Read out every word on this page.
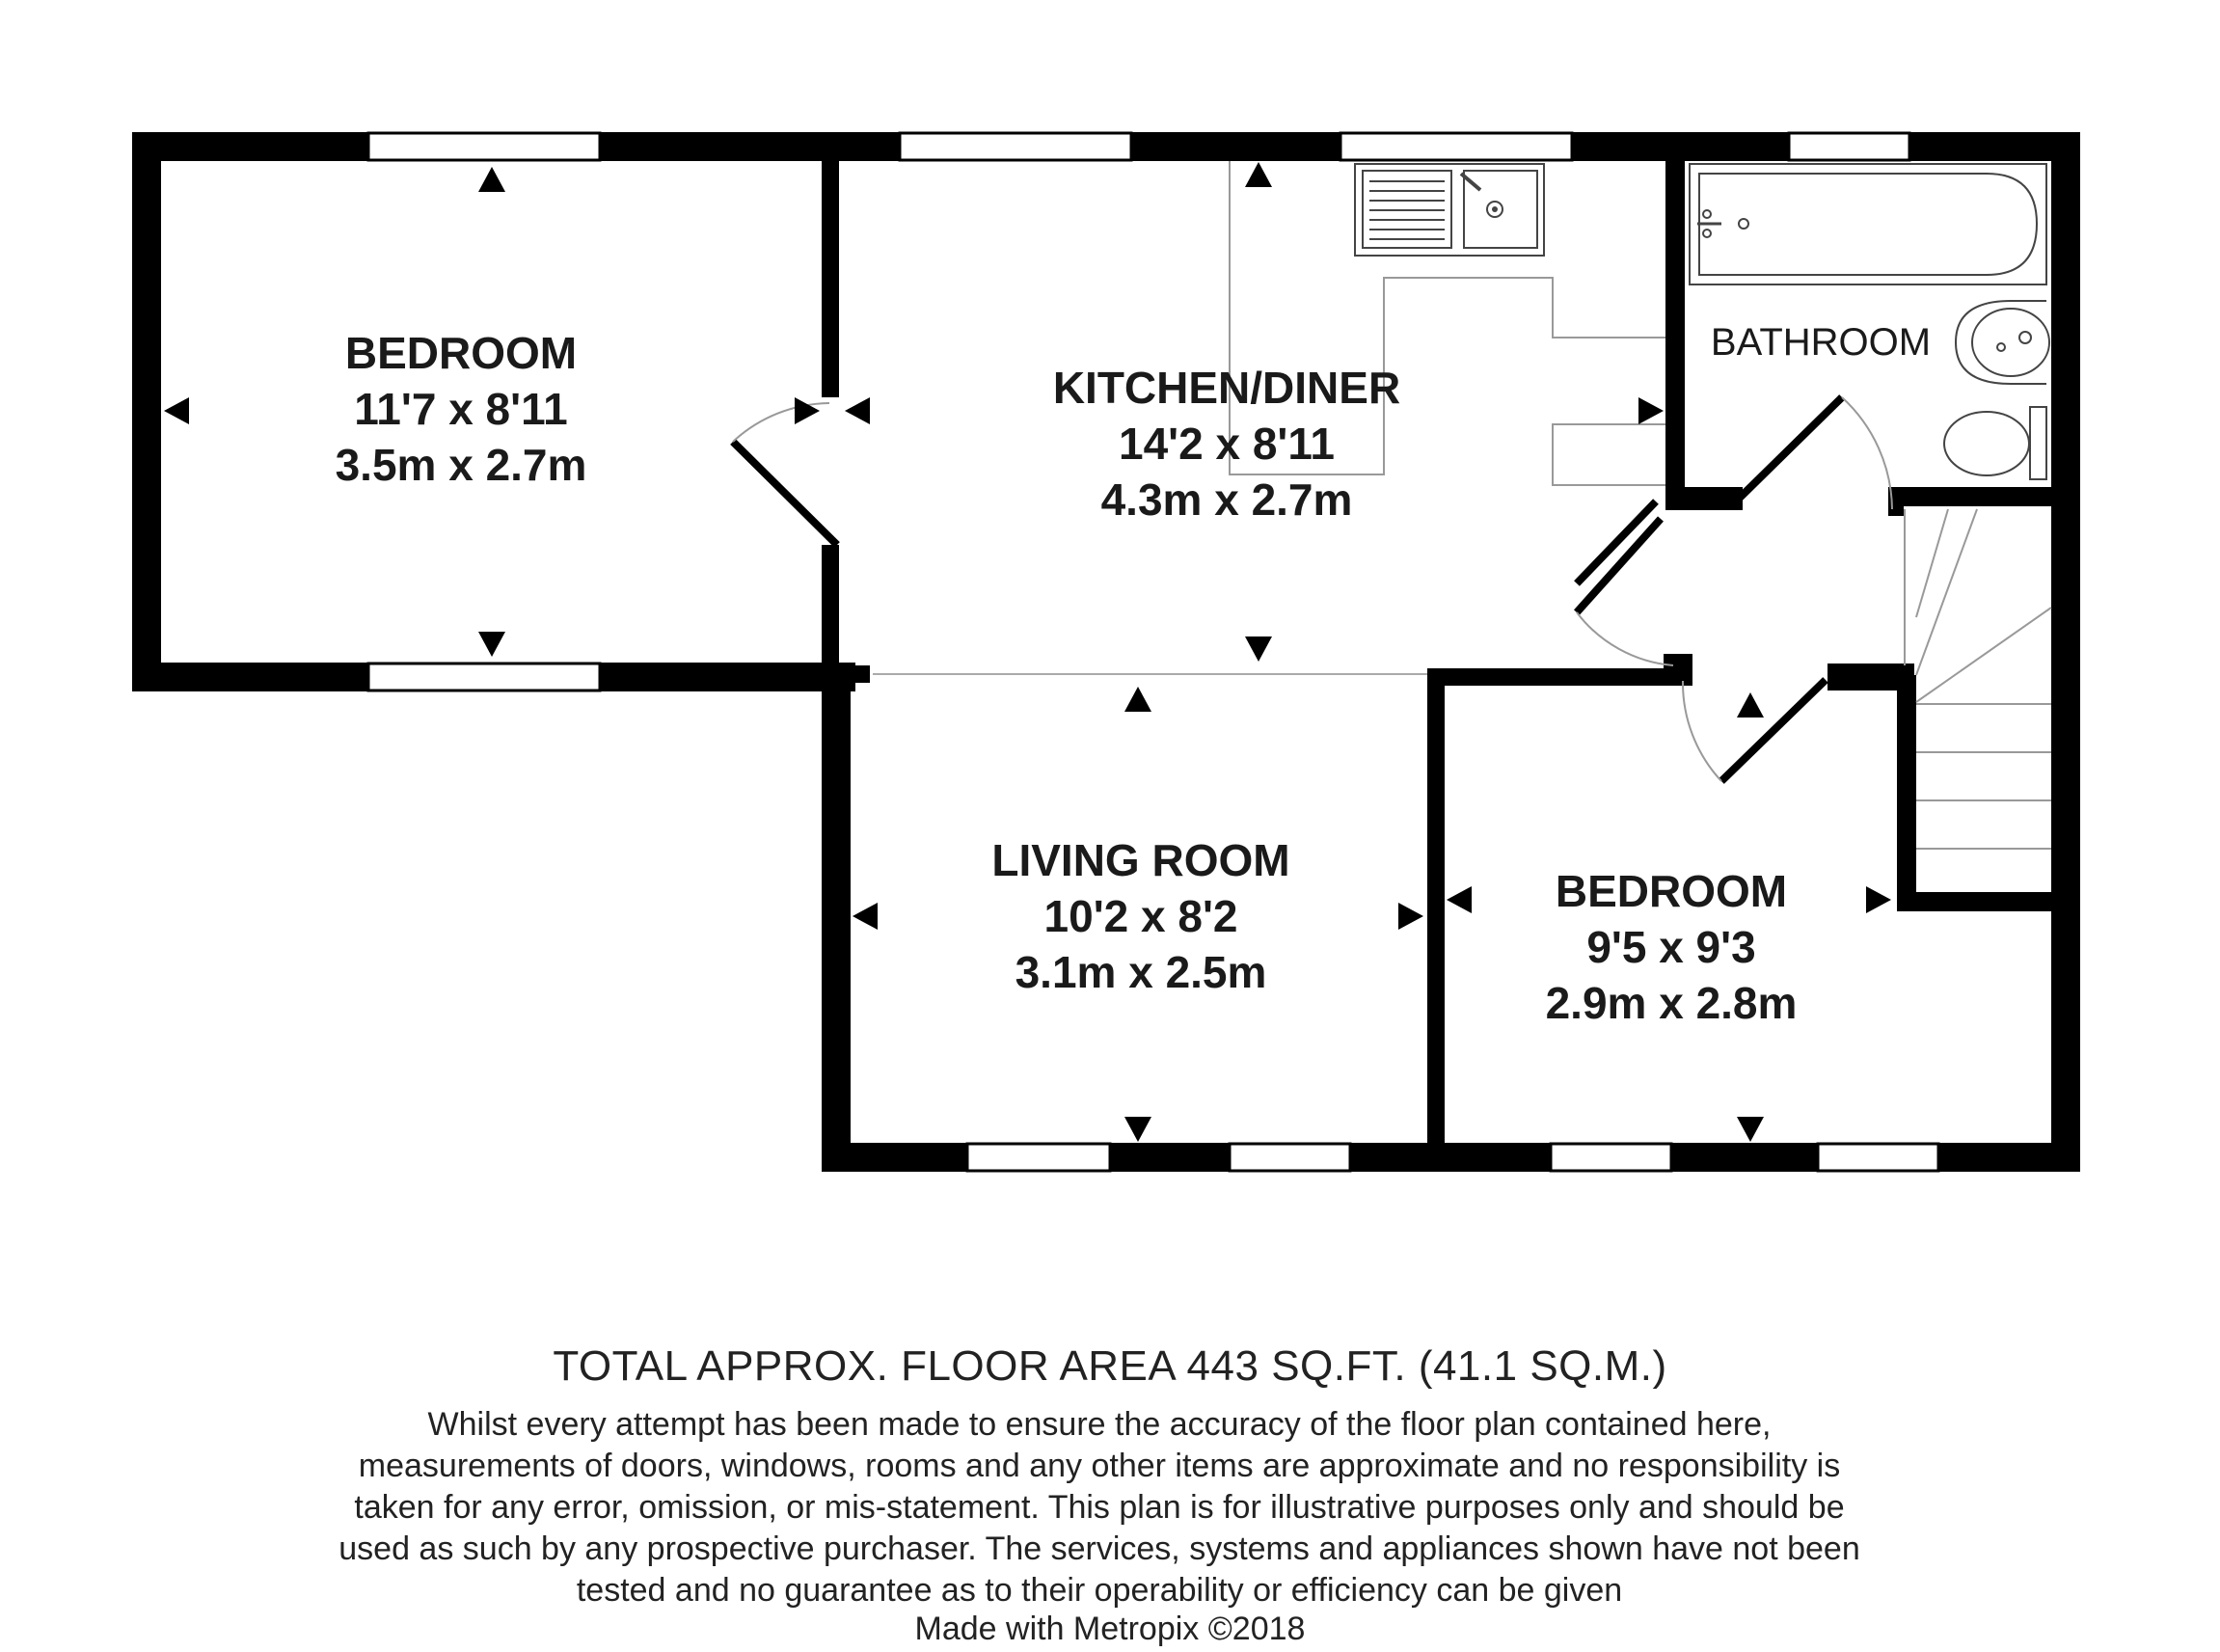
BEDROOM
11'7 x 8'11
3.5m x 2.7m
KITCHEN/DINER
14'2 x 8'11
4.3m x 2.7m
BATHROOM
LIVING ROOM
10'2 x 8'2
3.1m x 2.5m
BEDROOM
9'5 x 9'3
2.9m x 2.8m
TOTAL APPROX. FLOOR AREA 443 SQ.FT. (41.1 SQ.M.)
Whilst every attempt has been made to ensure the accuracy of the floor plan contained here, measurements of doors, windows, rooms and any other items are approximate and no responsibility is taken for any error, omission, or mis-statement. This plan is for illustrative purposes only and should be used as such by any prospective purchaser. The services, systems and appliances shown have not been tested and no guarantee as to their operability or efficiency can be given
Made with Metropix ©2018
